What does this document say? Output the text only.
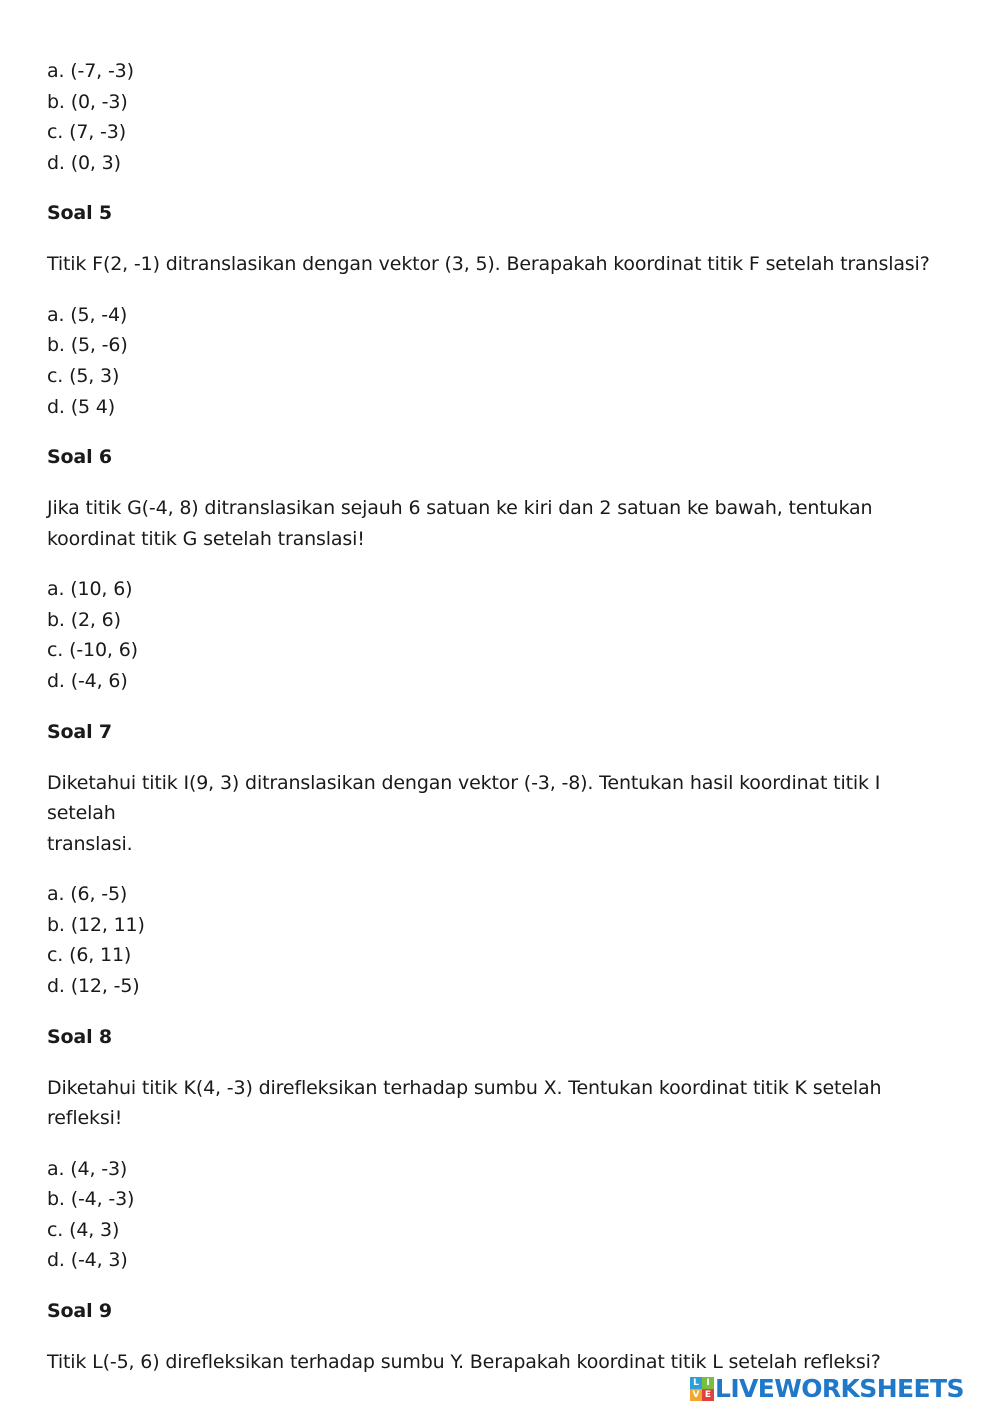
a. (-7, -3)
b. (0, -3)
c. (7, -3)
d. (0, 3)

Soal 5

Titik F(2, -1) ditranslasikan dengan vektor (3, 5). Berapakah koordinat titik F setelah translasi?

a. (5, -4)
b. (5, -6)
c. (5, 3)
d. (5 4)

Soal 6

Jika titik G(-4, 8) ditranslasikan sejauh 6 satuan ke kiri dan 2 satuan ke bawah, tentukan
koordinat titik G setelah translasi!

a. (10, 6)
b. (2, 6)
c. (-10, 6)
d. (-4, 6)

Soal 7

Diketahui titik I(9, 3) ditranslasikan dengan vektor (-3, -8). Tentukan hasil koordinat titik I setelah
translasi.

a. (6, -5)
b. (12, 11)
c. (6, 11)
d. (12, -5)

Soal 8

Diketahui titik K(4, -3) direfleksikan terhadap sumbu X. Tentukan koordinat titik K setelah
refleksi!

a. (4, -3)
b. (-4, -3)
c. (4, 3)
d. (-4, 3)

Soal 9

Titik L(-5, 6) direfleksikan terhadap sumbu Y. Berapakah koordinat titik L setelah refleksi?

L I
V E LIVEWORKSHEETS
